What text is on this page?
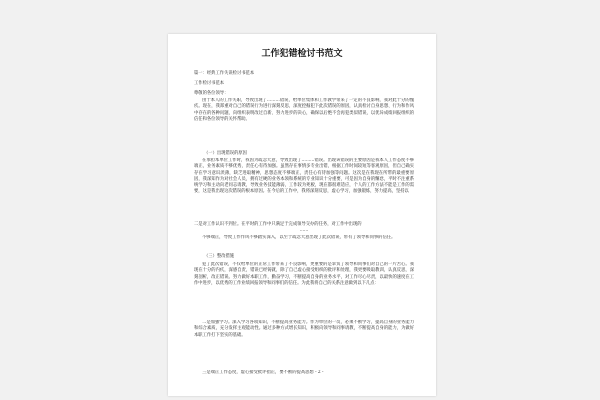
工作犯错检讨书范文
篇一：经典工作失误检讨书范本
工作检讨书范本
尊敬的各位领导：
由于本人的工作失职，导致出现了………错误，给单位集体和工作教学带来了一定的不良影响，我对此十分的愧疚。现在，我郑重对自己的错误行为进行深刻反思，深度挖掘犯下此次错误的原因，认真检讨自身思想、行为和作风中存在的各种问题，向组织表明改过自新、努力进步的决心，确保以后绝不会再犯类似错误，以优异成绩回报组织的信任和各位领导的关怀帮助。
（一）出现错误的原因
在承担本单位工作时，我因为疏忽大意，导致出现了………错误。出现该错误的主要原因是我本人工作态度不够端正，业务素质不够优秀，责任心有待加强。虽然存在事情多专业出错，根据工作时间较短等客观原因，但自己确实存在学习意识淡薄，缺乏进取精神，思想态度不够端正，责任心有待加强等问题。这次是在我现在所带的最重要原因，我深知作为对社会人员，拥有过硬的业务本领和系统的专业知识十分重要，可是因为自身的懈怠，平时不注重系统学习和主动向老同志请教，导致业务技能薄弱，工作较为死板，现在都很难适应，个人的工作方法不能是工作的需要，这是我出现这次错误的根本原因。在今后的工作中，我将深刻反思，虚心学习，加强锻炼，努力提高，坚持以
二是对工作认识不到位。在平时的工作中只满足于完成领导交办的任务，对工作中出现的
……
不够端正，导致工作作风不够踏实深入，以至于疏忽大意出现了此次错误，带有了领导和同事的信任。
（三）整改措施
犯了此次错误，不仅给单位的正常工作带来了不良影响，更重要的是辜负了领导和同事们对自己的一片苦心。我现在十分的内疚，深感自责，错误已经铸就，除了自己虚心接受组织的批评和处理，我更要吸取教训，认真反思，深刻剖析，改正错误。努力做好本职工作，勤奋学习，不断提高自身的业务水平，对工作尽心尽责，以最快的速度在工作中进步，以优秀的工作业绩回报领导和同事们的信任。为此我将自己的关系注意做到以下几点：
二是加强学习。深入学习各项知识，不断提高业务能力。作为单位的一员，必须不断学习，提高自身的业务能力和综合素质，充分发挥主观能动性。通过多种方式增长知识，积极向领导和同事请教，不断提高自身的能力，为做好本职工作打下坚实的基础。
三是端正工作态度，虚心接受批评指正，要不断的提高思想 - 2 -
